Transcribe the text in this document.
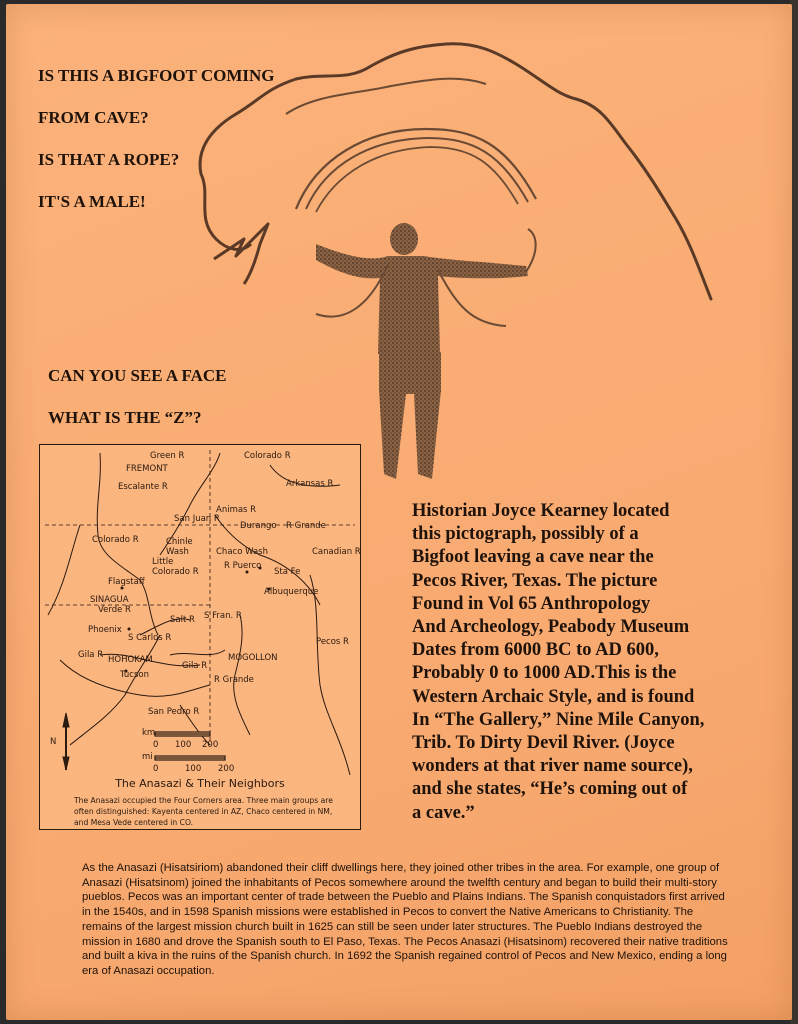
IS THIS A BIGFOOT COMING

FROM CAVE?

IS THAT A ROPE?

IT'S A MALE!

CAN YOU SEE A FACE

WHAT IS THE “Z”?

Green R	Colorado R
FREMONT
Escalante R	Arkansas R
Animas R
San Juan R
Durango R Grande
Colorado R	Chinle
Wash	Chaco Wash	Canadian R
Little
Colorado R
R Puerco
Sta Fe
Flagstaff
Albuquerque
SINAGUA
Verde R
Salt R S Fran. R
Phoenix
S Carlos R	Pecos R
Gila R HOHOKAM	MOGOLLON
Gila R
Tucson	R Grande
San Pedro R
km
200
0 100
mi
0	100 200
N
The Anasazi & Their Neighbors
The Anasazi occupied the Four Corners area. Three main groups are often distinguished: Kayenta centered in AZ, Chaco centered in NM, and Mesa Vede centered in CO.

Historian Joyce Kearney located
this pictograph, possibly of a
Bigfoot leaving a cave near the
Pecos River, Texas. The picture
Found in Vol 65 Anthropology
And Archeology, Peabody Museum
Dates from 6000 BC to AD 600,
Probably 0 to 1000 AD.This is the
Western Archaic Style, and is found
In “The Gallery,” Nine Mile Canyon,
Trib. To Dirty Devil River. (Joyce
wonders at that river name source),
and she states, “He’s coming out of
a cave.”

As the Anasazi (Hisatsiriom) abandoned their cliff dwellings here, they joined other tribes in the area. For example, one group of Anasazi (Hisatsinom) joined the inhabitants of Pecos somewhere around the twelfth century and began to build their multi-story pueblos. Pecos was an important center of trade between the Pueblo and Plains Indians. The Spanish conquistadors first arrived in the 1540s, and in 1598 Spanish missions were established in Pecos to convert the Native Americans to Christianity. The remains of the largest mission church built in 1625 can still be seen under later structures. The Pueblo Indians destroyed the mission in 1680 and drove the Spanish south to El Paso, Texas. The Pecos Anasazi (Hisatsinom) recovered their native traditions and built a kiva in the ruins of the Spanish church. In 1692 the Spanish regained control of Pecos and New Mexico, ending a long era of Anasazi occupation.
